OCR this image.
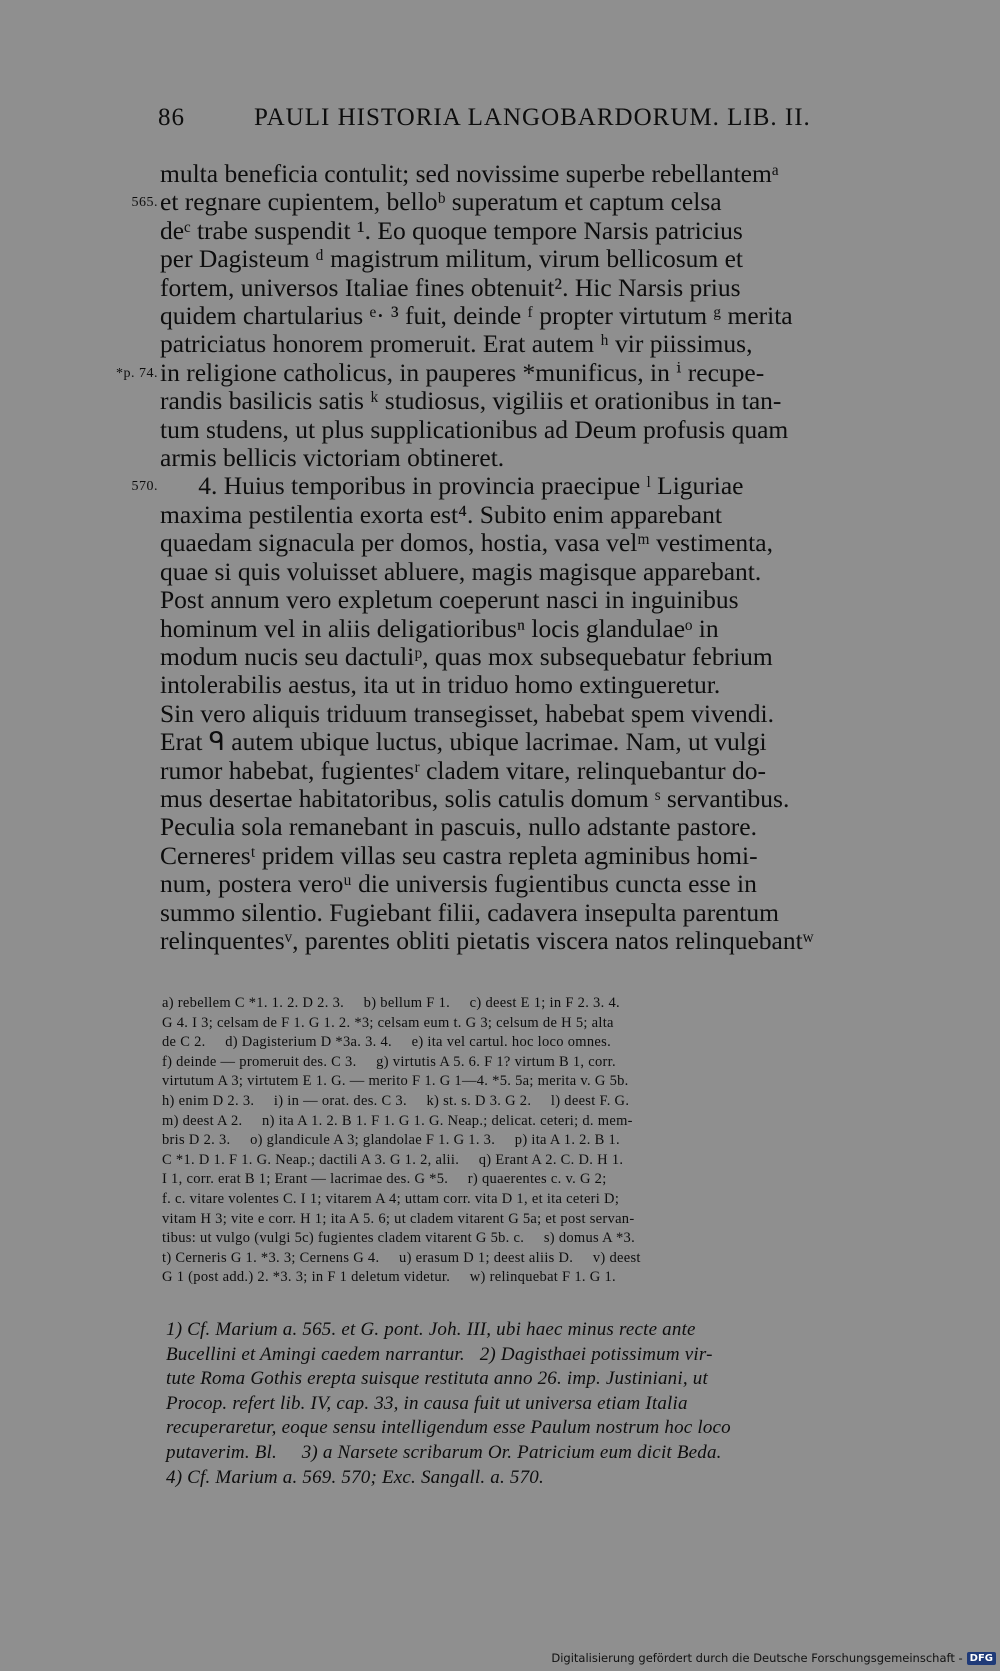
86	PAULI HISTORIA LANGOBARDORUM. LIB. II.
multa beneficia contulit; sed novissime superbe rebellantemᵃ
565. et regnare cupientem, belloᵇ superatum et captum celsa
deᶜ trabe suspendit ¹. Eo quoque tempore Narsis patricius
per Dagisteum ᵈ magistrum militum, virum bellicosum et
fortem, universos Italiae fines obtenuit². Hic Narsis prius
quidem chartularius ᵉ· ³ fuit, deinde ᶠ propter virtutum ᵍ merita
patriciatus honorem promeruit. Erat autem ʰ vir piissimus,
*p. 74. in religione catholicus, in pauperes *munificus, in ⁱ recupe-
randis basilicis satis ᵏ studiosus, vigiliis et orationibus in tan-
tum studens, ut plus supplicationibus ad Deum profusis quam
armis bellicis victoriam obtineret.
570. 4. Huius temporibus in provincia praecipue ˡ Liguriae
maxima pestilentia exorta est⁴. Subito enim apparebant
quaedam signacula per domos, hostia, vasa velᵐ vestimenta,
quae si quis voluisset abluere, magis magisque apparebant.
Post annum vero expletum coeperunt nasci in inguinibus
hominum vel in aliis deligatioribusⁿ locis glandulaeᵒ in
modum nucis seu dactuliᵖ, quas mox subsequebatur febrium
intolerabilis aestus, ita ut in triduo homo extingueretur.
Sin vero aliquis triduum transegisset, habebat spem vivendi.
Erat ᑫ autem ubique luctus, ubique lacrimae. Nam, ut vulgi
rumor habebat, fugientesʳ cladem vitare, relinquebantur do-
mus desertae habitatoribus, solis catulis domum ˢ servantibus.
Peculia sola remanebant in pascuis, nullo adstante pastore.
Cerneresᵗ pridem villas seu castra repleta agminibus homi-
num, postera veroᵘ die universis fugientibus cuncta esse in
summo silentio. Fugiebant filii, cadavera insepulta parentum
relinquentesᵛ, parentes obliti pietatis viscera natos relinquebantʷ
a) rebellem C *1. 1. 2. D 2. 3.     b) bellum F 1.     c) deest E 1; in F 2. 3. 4.
G 4. I 3; celsam de F 1. G 1. 2. *3; celsam eum t. G 3; celsum de H 5; alta
de C 2.     d) Dagisterium D *3a. 3. 4.     e) ita vel cartul. hoc loco omnes.
f) deinde — promeruit des. C 3.     g) virtutis A 5. 6. F 1? virtum B 1, corr.
virtutum A 3; virtutem E 1. G. — merito F 1. G 1—4. *5. 5a; merita v. G 5b.
h) enim D 2. 3.     i) in — orat. des. C 3.     k) st. s. D 3. G 2.     l) deest F. G.
m) deest A 2.     n) ita A 1. 2. B 1. F 1. G 1. G. Neap.; delicat. ceteri; d. mem-
bris D 2. 3.     o) glandicule A 3; glandolae F 1. G 1. 3.     p) ita A 1. 2. B 1.
C *1. D 1. F 1. G. Neap.; dactili A 3. G 1. 2, alii.     q) Erant A 2. C. D. H 1.
I 1, corr. erat B 1; Erant — lacrimae des. G *5.     r) quaerentes c. v. G 2;
f. c. vitare volentes C. I 1; vitarem A 4; uttam corr. vita D 1, et ita ceteri D;
vitam H 3; vite e corr. H 1; ita A 5. 6; ut cladem vitarent G 5a; et post servan-
tibus: ut vulgo (vulgi 5c) fugientes cladem vitarent G 5b. c.     s) domus A *3.
t) Cerneris G 1. *3. 3; Cernens G 4.     u) erasum D 1; deest aliis D.     v) deest
G 1 (post add.) 2. *3. 3; in F 1 deletum videtur.     w) relinquebat F 1. G 1.
1) Cf. Marium a. 565. et G. pont. Joh. III, ubi haec minus recte ante
Bucellini et Amingi caedem narrantur.   2) Dagisthaei potissimum vir-
tute Roma Gothis erepta suisque restituta anno 26. imp. Justiniani, ut
Procop. refert lib. IV, cap. 33, in causa fuit ut universa etiam Italia
recuperaretur, eoque sensu intelligendum esse Paulum nostrum hoc loco
putaverim. Bl.     3) a Narsete scribarum Or. Patricium eum dicit Beda.
4) Cf. Marium a. 569. 570; Exc. Sangall. a. 570.
Digitalisierung gefördert durch die Deutsche Forschungsgemeinschaft - DFG
